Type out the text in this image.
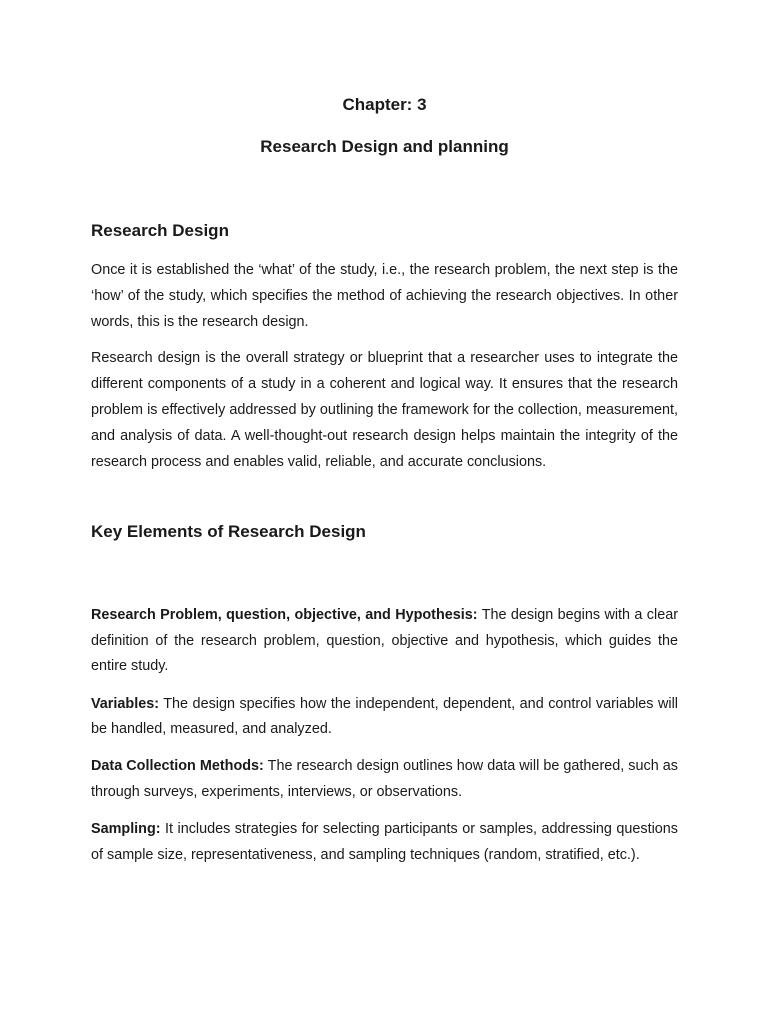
Chapter: 3
Research Design and planning
Research Design

Once it is established the ‘what’ of the study, i.e., the research problem, the next step is the ‘how’ of the study, which specifies the method of achieving the research objectives. In other words, this is the research design.

Research design is the overall strategy or blueprint that a researcher uses to integrate the different components of a study in a coherent and logical way. It ensures that the research problem is effectively addressed by outlining the framework for the collection, measurement, and analysis of data. A well-thought-out research design helps maintain the integrity of the research process and enables valid, reliable, and accurate conclusions.

Key Elements of Research Design

Research Problem, question, objective, and Hypothesis: The design begins with a clear definition of the research problem, question, objective and hypothesis, which guides the entire study.

Variables: The design specifies how the independent, dependent, and control variables will be handled, measured, and analyzed.

Data Collection Methods: The research design outlines how data will be gathered, such as through surveys, experiments, interviews, or observations.

Sampling: It includes strategies for selecting participants or samples, addressing questions of sample size, representativeness, and sampling techniques (random, stratified, etc.).
